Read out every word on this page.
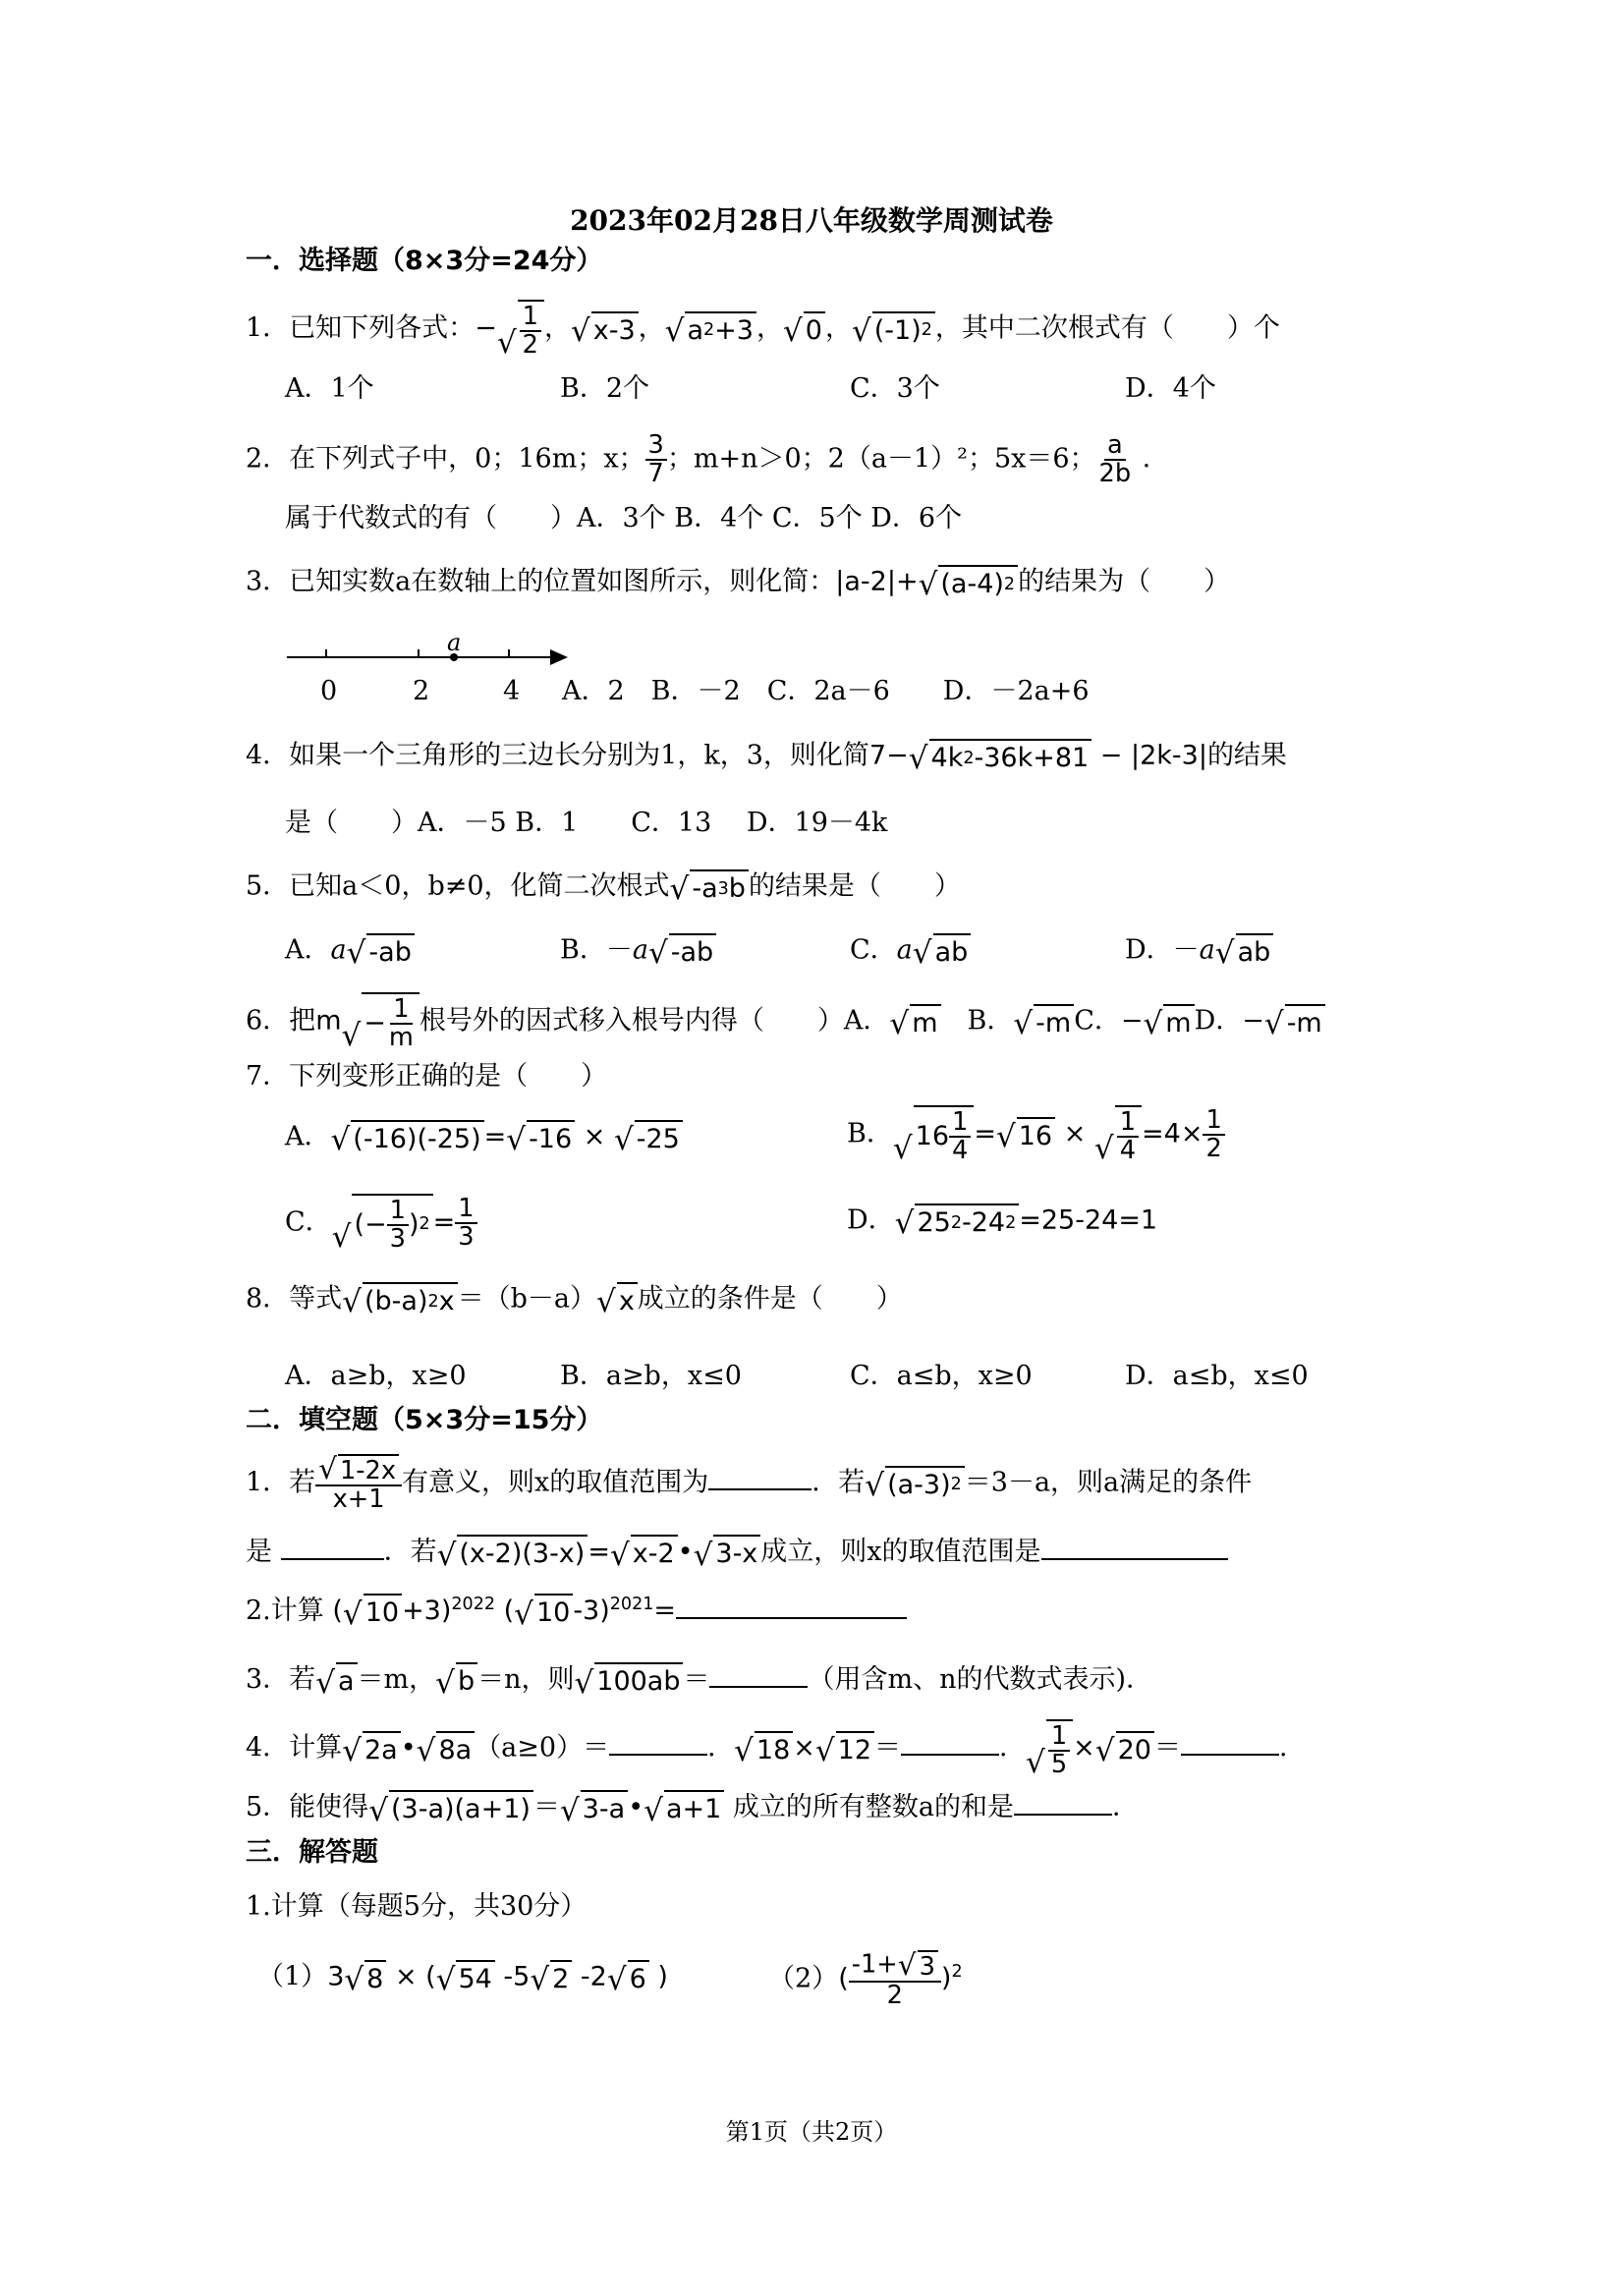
2023年02月28日八年级数学周测试卷
一．选择题（8×3分=24分）
1．已知下列各式：− √ $\frac{1}{2}$ ， √ x-3 ， √ a 2 +3 ， √ 0 ， √ (-1) 2 ，其中二次根式有（　　）个
A．1个	B．2个	C．3个	D．4个
2．在下列式子中，0；16m；x； $\frac{3}{7}$ ；m+n＞0；2（a－1）²；5x＝6； $\frac{a}{2b}$ ．
属于代数式的有（　　）A．3个 B．4个 C．5个 D．6个
3．已知实数a在数轴上的位置如图所示，则化简：|a-2|+ √ (a-4) 2 的结果为（　　）
a
0	2	4 A．2　B．－2　C．2a－6　　D．－2a+6
4．如果一个三角形的三边长分别为1，k，3，则化简7− √ 4k 2 -36k+81 − |2k-3|的结果
是（　　）A．－5 B．1　　C．13　 D．19－4k
5．已知a＜0，b≠0，化简二次根式 √ -a 3 b 的结果是（　　）
A．a √ -ab	B．－a √ -ab	C．a √ ab	D．－a √ ab
6．把m √ − $\frac{1}{m}$ 根号外的因式移入根号内得（　　）A． √ m
　 B． √ -m C．− √ m D．− √ -m
7．下列变形正确的是（　　）
A． √ (-16)(-25) = √ -16 × √ -25	B． √ $16 \frac{1}{4}$ = √ 16 × √ $\frac{1}{4} =4\times \frac{1}{2}$
C． √ (− $\frac{1}{3}$ ) $2 = \frac{1}{3}$	D． √ 25 2 -24 2 =25-24=1
8．等式 √ (b-a) 2 x ＝（b－a） √ x 成立的条件是（　　）
A．a≥b，x≥0	B．a≥b，x≤0	C．a≤b，x≥0	D．a≤b，x≤0
二．填空题（5×3分=15分）
1．若 $\frac{√ 1-2x}{x+1}$ 有意义，则x的取值范围为	．若 √ (a-3) 2 ＝3－a，则a满足的条件
是	．若 √ (x-2)(3-x) = √ x-2 • √ 3-x 成立，则x的取值范围是
2.计算 ( √ 10 +3)$^{2022}$ ( √ 10 -3)$^{2021}$=
3．若 √ a ＝m， √ b ＝n，则 √ 100ab ＝	（用含m、n的代数式表示)．
4．计算 √ 2a • √ 8a （a≥0）＝	． √ 18 × √ 12 ＝	． √ $\frac{1}{5}$ × √ 20 ＝	．
5．能使得 √ (3-a)(a+1) ＝ √ 3-a • √ a+1 成立的所有整数a的和是	．
三．解答题
1.计算（每题5分，共30分）
（1）3 √ 8 × ( √ 54 -5 √ 2 -2 √ 6 )	$(2)( \frac{-1+ √ 3}{2} )^2$
第1页（共2页）
